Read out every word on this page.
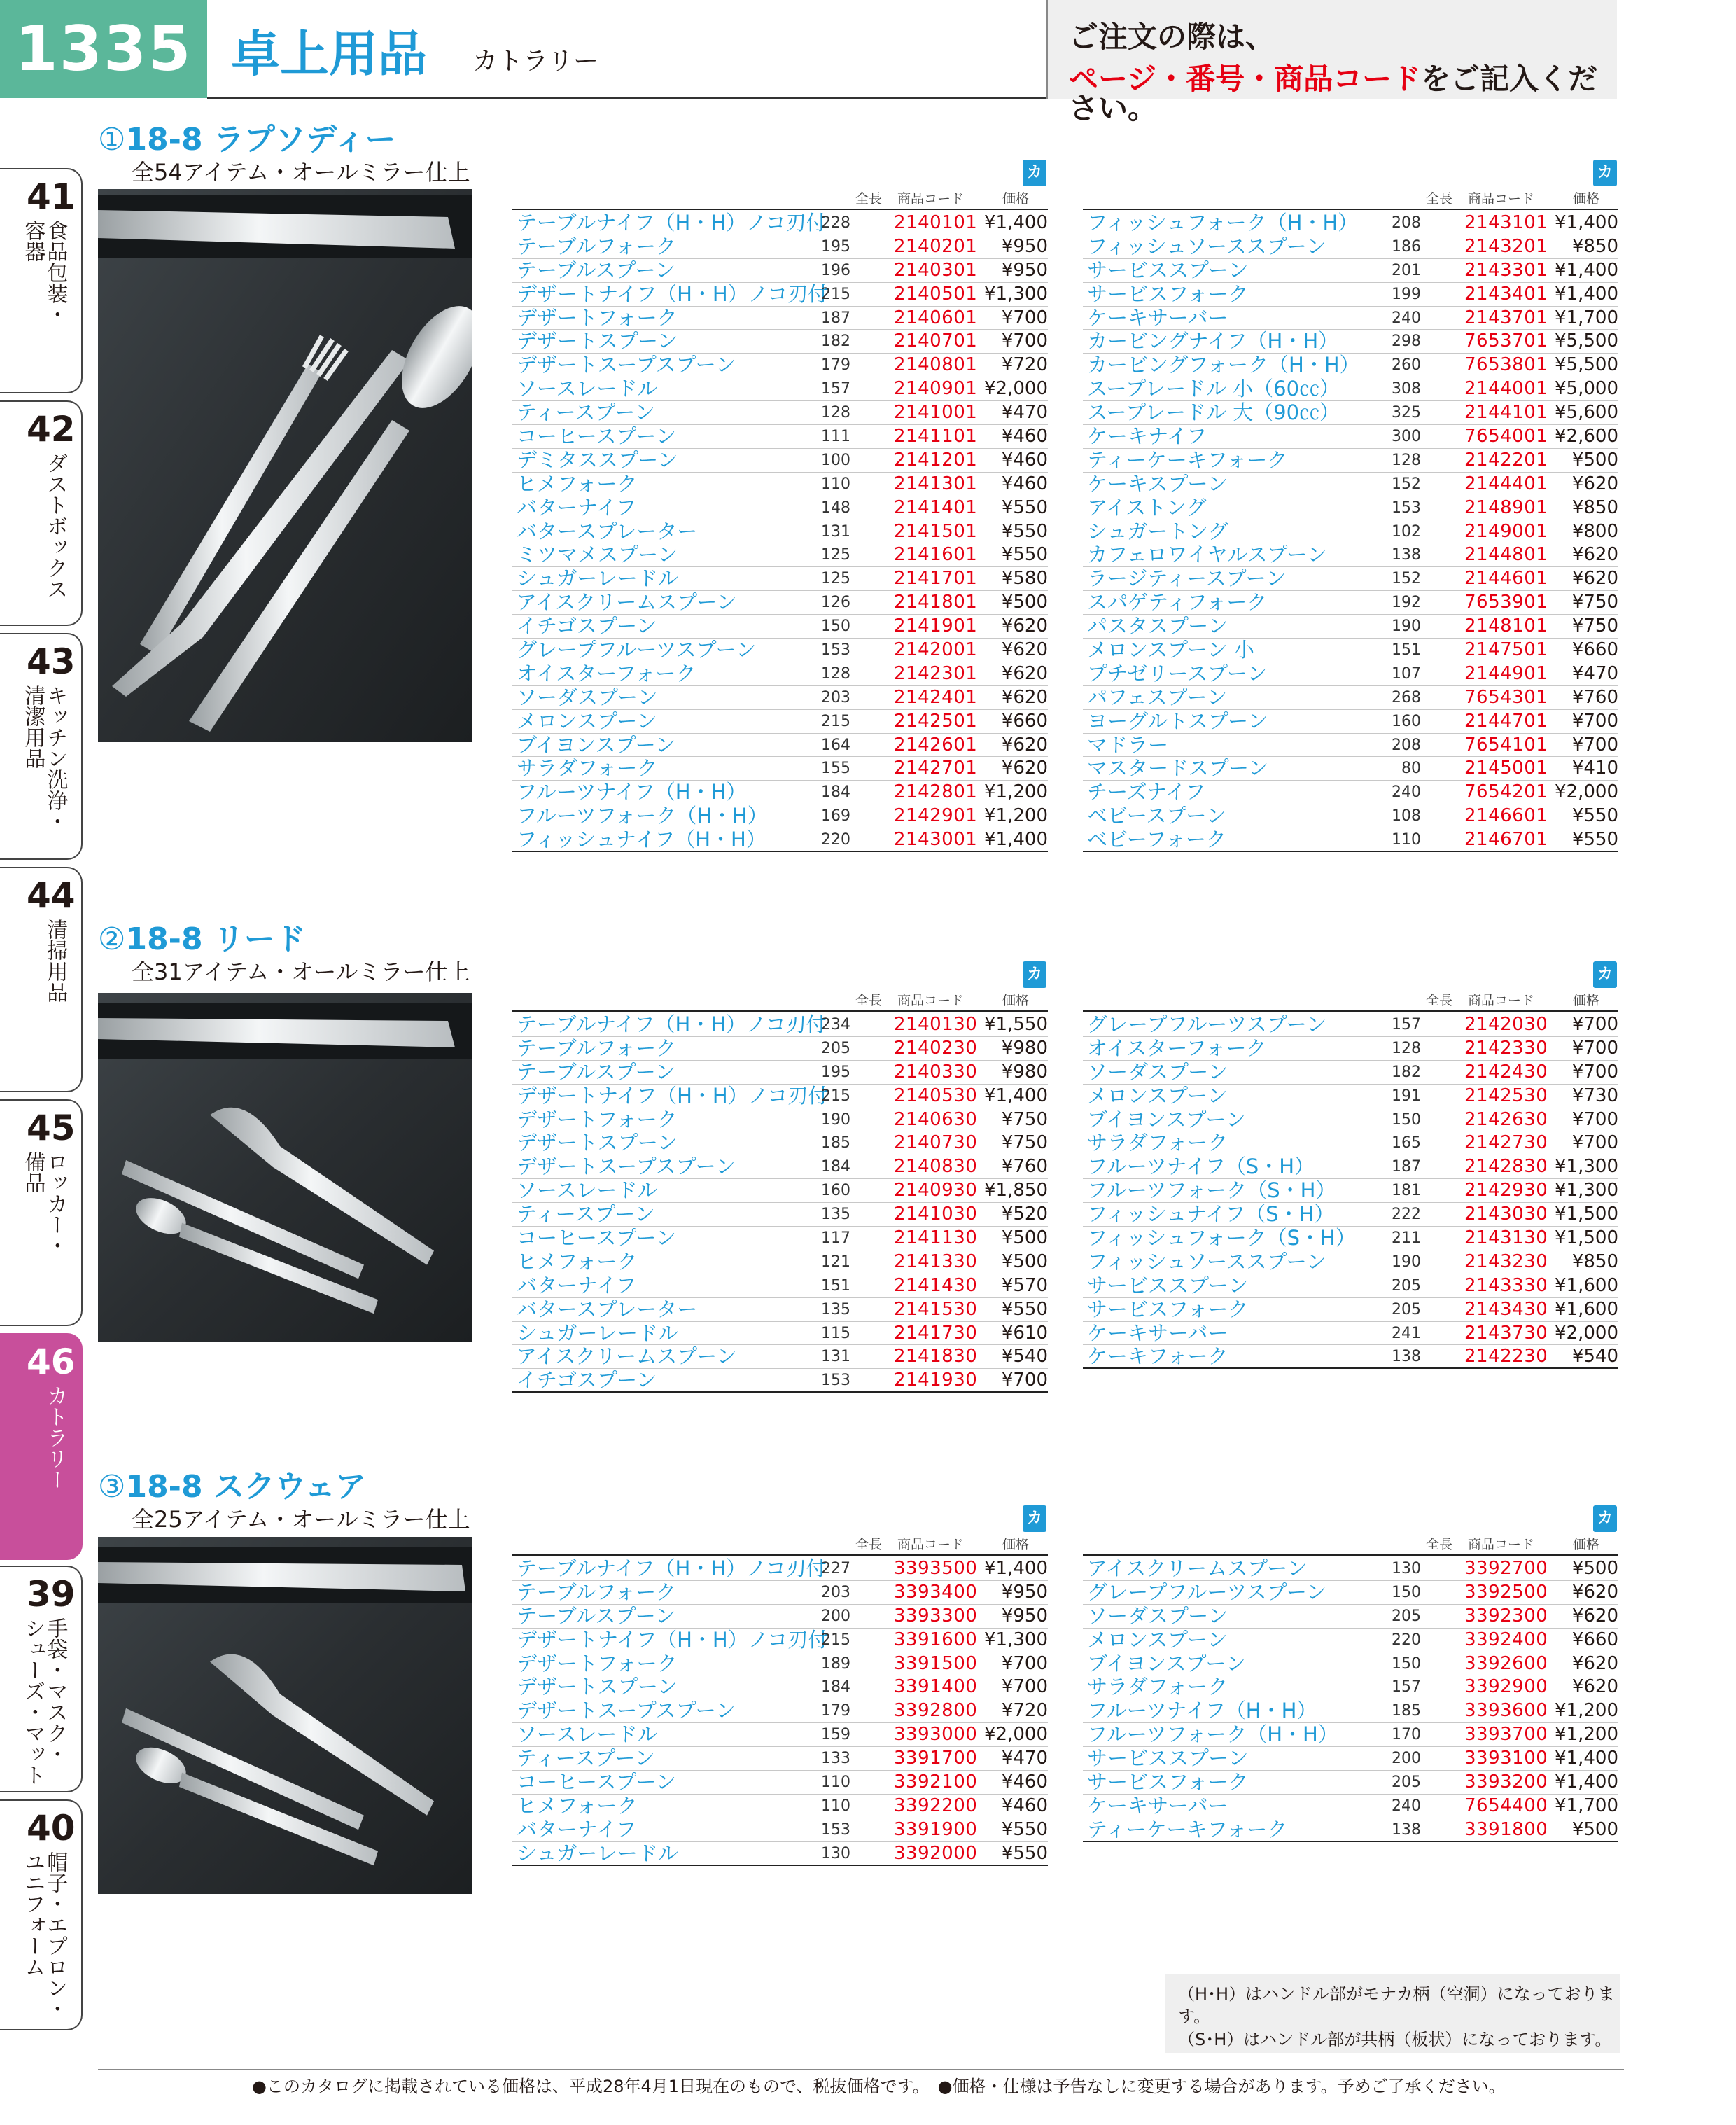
1335 卓上用品 カトラリー
ご注文の際は、
ページ・番号・商品コードをご記入ください。
41
食品包装・
容器
42
ダストボックス
43
キッチン洗浄・
清潔用品
44
清掃用品
45
ロッカー・
備品
46
カトラリー
39
手袋・マスク・
シューズ・マット
40
帽子・エプロン・
ユニフォーム
①18-8 ラプソディー
全54アイテム・オールミラー仕上	カ2
全長 商品コード	価格
テーブルナイフ（H・H）ノコ刃付
228 2140101 ¥1,400
テーブルフォーク	195 2140201 ¥950
テーブルスプーン	196 2140301 ¥950
デザートナイフ（H・H）ノコ刃付
215 2140501 ¥1,300
デザートフォーク	187 2140601 ¥700
デザートスプーン	182 2140701 ¥700
デザートスープスプーン	179 2140801 ¥720
ソースレードル	157 2140901 ¥2,000
ティースプーン	128 2141001 ¥470
コーヒースプーン	111 2141101 ¥460
デミタススプーン	100 2141201 ¥460
ヒメフォーク	110 2141301 ¥460
バターナイフ	148 2141401 ¥550
バタースプレーター	131 2141501 ¥550
ミツマメスプーン	125 2141601 ¥550
シュガーレードル	125 2141701 ¥580
アイスクリームスプーン	126 2141801 ¥500
イチゴスプーン	150 2141901 ¥620
グレープフルーツスプーン	153 2142001 ¥620
オイスターフォーク	128 2142301 ¥620
ソーダスプーン	203 2142401 ¥620
メロンスプーン	215 2142501 ¥660
ブイヨンスプーン	164 2142601 ¥620
サラダフォーク	155 2142701 ¥620
フルーツナイフ（H・H）	184 2142801 ¥1,200
フルーツフォーク（H・H）	169 2142901 ¥1,200
フィッシュナイフ（H・H）	220 2143001 ¥1,400
カ2
全長 商品コード	価格
フィッシュフォーク（H・H） 208 2143101 ¥1,400
フィッシュソーススプーン	186 2143201 ¥850
サービススプーン	201 2143301 ¥1,400
サービスフォーク	199 2143401 ¥1,400
ケーキサーバー	240 2143701 ¥1,700
カービングナイフ（H・H）	298 7653701 ¥5,500
カービングフォーク（H・H） 260 7653801 ¥5,500
スープレードル 小（60㏄）	308 2144001 ¥5,000
スープレードル 大（90㏄）	325 2144101 ¥5,600
ケーキナイフ	300 7654001 ¥2,600
ティーケーキフォーク	128 2142201 ¥500
ケーキスプーン	152 2144401 ¥620
アイストング	153 2148901 ¥850
シュガートング	102 2149001 ¥800
カフェロワイヤルスプーン	138 2144801 ¥620
ラージティースプーン	152 2144601 ¥620
スパゲティフォーク	192 7653901 ¥750
パスタスプーン	190 2148101 ¥750
メロンスプーン 小	151 2147501 ¥660
プチゼリースプーン	107 2144901 ¥470
パフェスプーン	268 7654301 ¥760
ヨーグルトスプーン	160 2144701 ¥700
マドラー	208 7654101 ¥700
マスタードスプーン	80 2145001 ¥410
チーズナイフ	240 7654201 ¥2,000
ベビースプーン	108 2146601 ¥550
ベビーフォーク	110 2146701 ¥550
②18-8 リード
全31アイテム・オールミラー仕上	カ2
全長 商品コード	価格
テーブルナイフ（H・H）ノコ刃付
234 2140130 ¥1,550
テーブルフォーク	205 2140230 ¥980
テーブルスプーン	195 2140330 ¥980
デザートナイフ（H・H）ノコ刃付
215 2140530 ¥1,400
デザートフォーク	190 2140630 ¥750
デザートスプーン	185 2140730 ¥750
デザートスープスプーン	184 2140830 ¥760
ソースレードル	160 2140930 ¥1,850
ティースプーン	135 2141030 ¥520
コーヒースプーン	117 2141130 ¥500
ヒメフォーク	121 2141330 ¥500
バターナイフ	151 2141430 ¥570
バタースプレーター	135 2141530 ¥550
シュガーレードル	115 2141730 ¥610
アイスクリームスプーン	131 2141830 ¥540
イチゴスプーン	153 2141930 ¥700
カ2
全長 商品コード	価格
グレープフルーツスプーン	157 2142030 ¥700
オイスターフォーク	128 2142330 ¥700
ソーダスプーン	182 2142430 ¥700
メロンスプーン	191 2142530 ¥730
ブイヨンスプーン	150 2142630 ¥700
サラダフォーク	165 2142730 ¥700
フルーツナイフ（S・H）	187 2142830 ¥1,300
フルーツフォーク（S・H）	181 2142930 ¥1,300
フィッシュナイフ（S・H）	222 2143030 ¥1,500
フィッシュフォーク（S・H） 211 2143130 ¥1,500
フィッシュソーススプーン	190 2143230 ¥850
サービススプーン	205 2143330 ¥1,600
サービスフォーク	205 2143430 ¥1,600
ケーキサーバー	241 2143730 ¥2,000
ケーキフォーク	138 2142230 ¥540
③18-8 スクウェア
全25アイテム・オールミラー仕上	カ2
全長 商品コード	価格
テーブルナイフ（H・H）ノコ刃付
227 3393500 ¥1,400
テーブルフォーク	203 3393400 ¥950
テーブルスプーン	200 3393300 ¥950
デザートナイフ（H・H）ノコ刃付
215 3391600 ¥1,300
デザートフォーク	189 3391500 ¥700
デザートスプーン	184 3391400 ¥700
デザートスープスプーン	179 3392800 ¥720
ソースレードル	159 3393000 ¥2,000
ティースプーン	133 3391700 ¥470
コーヒースプーン	110 3392100 ¥460
ヒメフォーク	110 3392200 ¥460
バターナイフ	153 3391900 ¥550
シュガーレードル	130 3392000 ¥550
カ2
全長 商品コード	価格
アイスクリームスプーン	130 3392700 ¥500
グレープフルーツスプーン	150 3392500 ¥620
ソーダスプーン	205 3392300 ¥620
メロンスプーン	220 3392400 ¥660
ブイヨンスプーン	150 3392600 ¥620
サラダフォーク	157 3392900 ¥620
フルーツナイフ（H・H）	185 3393600 ¥1,200
フルーツフォーク（H・H）	170 3393700 ¥1,200
サービススプーン	200 3393100 ¥1,400
サービスフォーク	205 3393200 ¥1,400
ケーキサーバー	240 7654400 ¥1,700
ティーケーキフォーク	138 3391800 ¥500
（H･H）はハンドル部がモナカ柄（空洞）になっております。
（S･H）はハンドル部が共柄（板状）になっております。
●このカタログに掲載されている価格は、平成28年4月1日現在のもので、税抜価格です。　●価格・仕様は予告なしに変更する場合があります。予めご了承ください。
